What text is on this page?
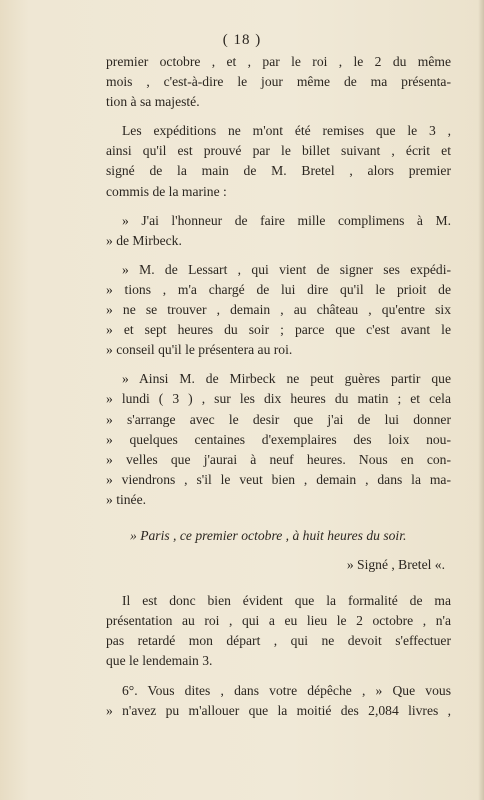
( 18 )

premier octobre , et , par le roi , le 2 du même
mois , c'est-à-dire le jour même de ma présenta-
tion à sa majesté.

Les expéditions ne m'ont été remises que le 3 ,
ainsi qu'il est prouvé par le billet suivant , écrit et
signé de la main de M. Bretel , alors premier
commis de la marine :

» J'ai l'honneur de faire mille complimens à M.
» de Mirbeck.

» M. de Lessart , qui vient de signer ses expédi-
» tions , m'a chargé de lui dire qu'il le prioit de
» ne se trouver , demain , au château , qu'entre six
» et sept heures du soir ; parce que c'est avant le
» conseil qu'il le présentera au roi.

» Ainsi M. de Mirbeck ne peut guères partir que
» lundi ( 3 ) , sur les dix heures du matin ; et cela
» s'arrange avec le desir que j'ai de lui donner
» quelques centaines d'exemplaires des loix nou-
» velles que j'aurai à neuf heures. Nous en con-
» viendrons , s'il le veut bien , demain , dans la ma-
» tinée.

» Paris , ce premier octobre , à huit heures du soir.

» Signé , Bretel «.

Il est donc bien évident que la formalité de ma
présentation au roi , qui a eu lieu le 2 octobre , n'a
pas retardé mon départ , qui ne devoit s'effectuer
que le lendemain 3.

6°. Vous dites , dans votre dépêche , » Que vous
» n'avez pu m'allouer que la moitié des 2,084 livres ,
